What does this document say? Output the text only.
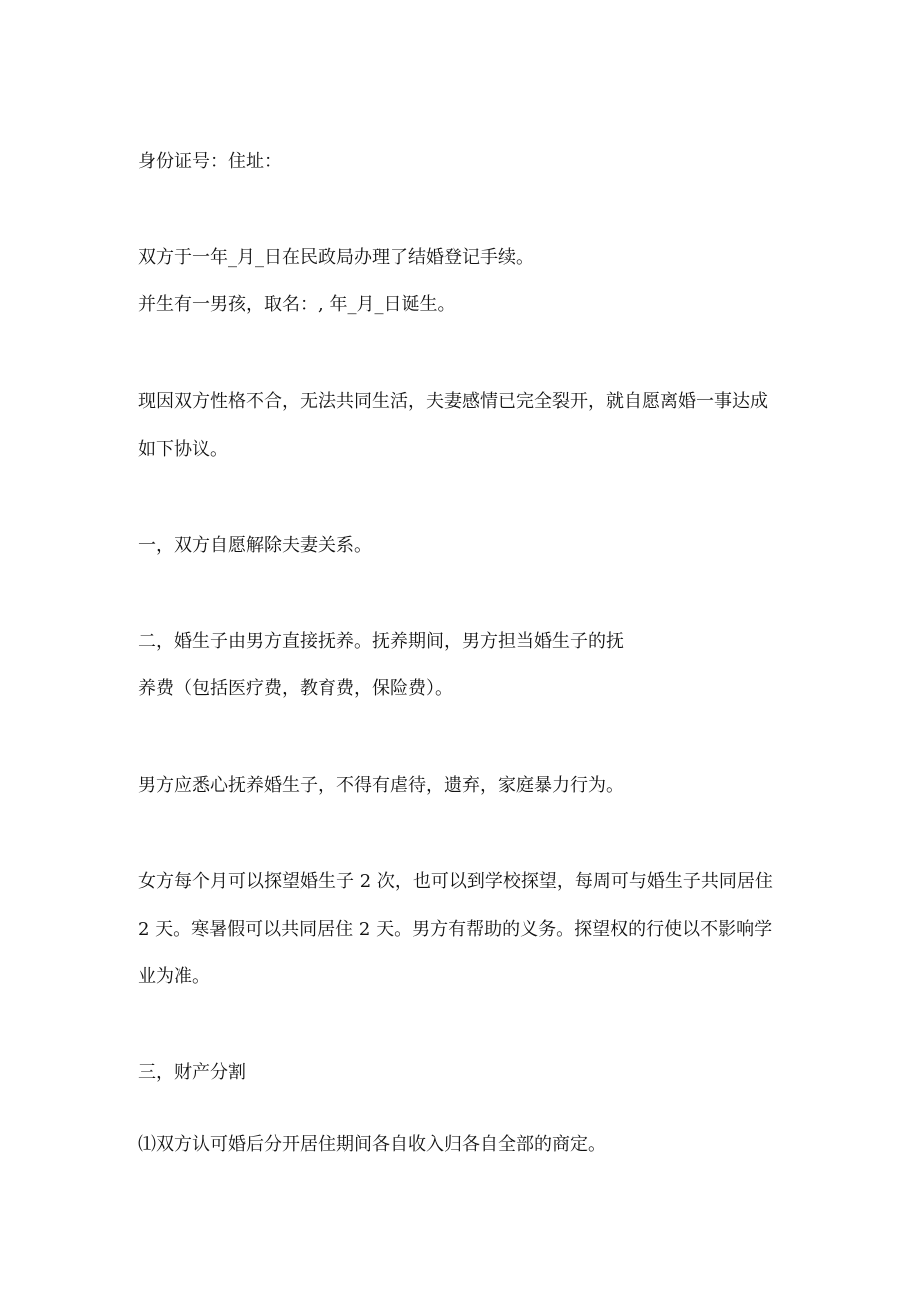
身份证号：住址：
双方于一年_月_日在民政局办理了结婚登记手续。
并生有一男孩，取名：, 年_月_日诞生。
现因双方性格不合，无法共同生活，夫妻感情已完全裂开，就自愿离婚一事达成
如下协议。
一，双方自愿解除夫妻关系。
二，婚生子由男方直接抚养。抚养期间，男方担当婚生子的抚
养费（包括医疗费，教育费，保险费）。
男方应悉心抚养婚生子，不得有虐待，遗弃，家庭暴力行为。
女方每个月可以探望婚生子 2 次，也可以到学校探望，每周可与婚生子共同居住
2 天。寒暑假可以共同居住 2 天。男方有帮助的义务。探望权的行使以不影响学
业为准。
三，财产分割
⑴双方认可婚后分开居住期间各自收入归各自全部的商定。
